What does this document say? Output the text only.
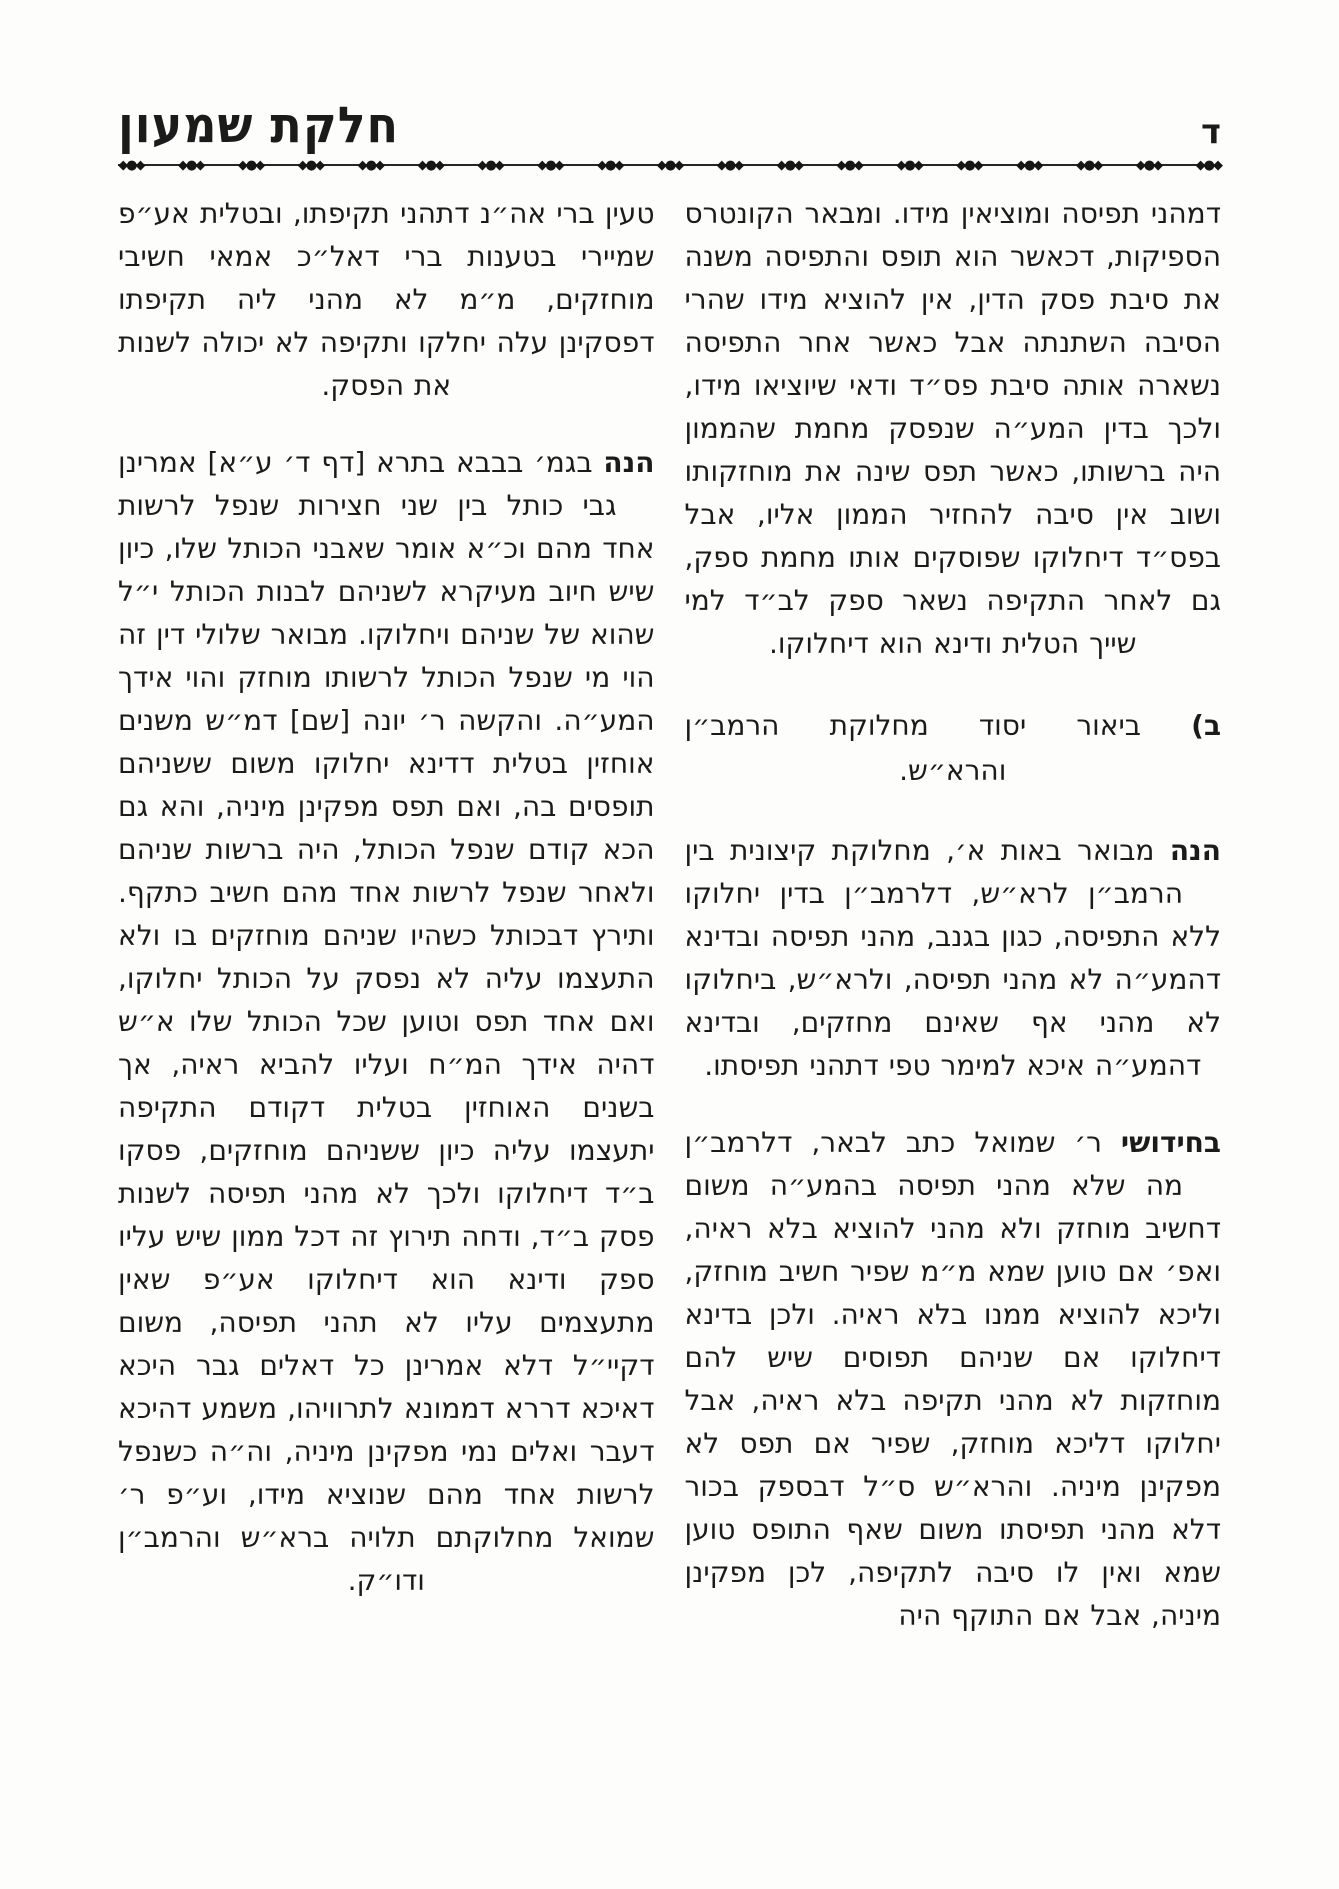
ד
חלקת שמעון
◆●◆
◆●◆
◆●◆
◆●◆
◆●◆
◆●◆
◆●◆
◆●◆
◆●◆
◆●◆
◆●◆
◆●◆
◆●◆
◆●◆
◆●◆
◆●◆
◆●◆
◆●◆
◆●◆

דמהני תפיסה ומוציאין מידו. ומבאר הקונטרס הספיקות, דכאשר הוא תופס והתפיסה משנה את סיבת פסק הדין, אין להוציא מידו שהרי הסיבה השתנתה אבל כאשר אחר התפיסה נשארה אותה סיבת פס״ד ודאי שיוציאו מידו, ולכך בדין המע״ה שנפסק מחמת שהממון היה ברשותו, כאשר תפס שינה את מוחזקותו ושוב אין סיבה להחזיר הממון אליו, אבל בפס״ד דיחלוקו שפוסקים אותו מחמת ספק, גם לאחר התקיפה נשאר ספק לב״ד למי שייך הטלית ודינא הוא דיחלוקו.

ב) ביאור יסוד מחלוקת הרמב״ן
והרא״ש.

הנה מבואר באות א׳, מחלוקת קיצונית בין הרמב״ן לרא״ש, דלרמב״ן בדין יחלוקו ללא התפיסה, כגון בגנב, מהני תפיסה ובדינא דהמע״ה לא מהני תפיסה, ולרא״ש, ביחלוקו לא מהני אף שאינם מחזקים, ובדינא דהמע״ה איכא למימר טפי דתהני תפיסתו.

בחידושי ר׳ שמואל כתב לבאר, דלרמב״ן מה שלא מהני תפיסה בהמע״ה משום דחשיב מוחזק ולא מהני להוציא בלא ראיה, ואפ׳ אם טוען שמא מ״מ שפיר חשיב מוחזק, וליכא להוציא ממנו בלא ראיה. ולכן בדינא דיחלוקו אם שניהם תפוסים שיש להם מוחזקות לא מהני תקיפה בלא ראיה, אבל יחלוקו דליכא מוחזק, שפיר אם תפס לא מפקינן מיניה. והרא״ש ס״ל דבספק בכור דלא מהני תפיסתו משום שאף התופס טוען שמא ואין לו סיבה לתקיפה, לכן מפקינן מיניה, אבל אם התוקף היה

טעין ברי אה״נ דתהני תקיפתו, ובטלית אע״פ שמיירי בטענות ברי דאל״כ אמאי חשיבי מוחזקים, מ״מ לא מהני ליה תקיפתו דפסקינן עלה יחלקו ותקיפה לא יכולה לשנות את הפסק.

הנה בגמ׳ בבבא בתרא [דף ד׳ ע״א] אמרינן גבי כותל בין שני חצירות שנפל לרשות אחד מהם וכ״א אומר שאבני הכותל שלו, כיון שיש חיוב מעיקרא לשניהם לבנות הכותל י״ל שהוא של שניהם ויחלוקו. מבואר שלולי דין זה הוי מי שנפל הכותל לרשותו מוחזק והוי אידך המע״ה. והקשה ר׳ יונה [שם] דמ״ש משנים אוחזין בטלית דדינא יחלוקו משום ששניהם תופסים בה, ואם תפס מפקינן מיניה, והא גם הכא קודם שנפל הכותל, היה ברשות שניהם ולאחר שנפל לרשות אחד מהם חשיב כתקף. ותירץ דבכותל כשהיו שניהם מוחזקים בו ולא התעצמו עליה לא נפסק על הכותל יחלוקו, ואם אחד תפס וטוען שכל הכותל שלו א״ש דהיה אידך המ״ח ועליו להביא ראיה, אך בשנים האוחזין בטלית דקודם התקיפה יתעצמו עליה כיון ששניהם מוחזקים, פסקו ב״ד דיחלוקו ולכך לא מהני תפיסה לשנות פסק ב״ד, ודחה תירוץ זה דכל ממון שיש עליו ספק ודינא הוא דיחלוקו אע״פ שאין מתעצמים עליו לא תהני תפיסה, משום דקיי״ל דלא אמרינן כל דאלים גבר היכא דאיכא דררא דממונא לתרוויהו, משמע דהיכא דעבר ואלים נמי מפקינן מיניה, וה״ה כשנפל לרשות אחד מהם שנוציא מידו, וע״פ ר׳ שמואל מחלוקתם תלויה ברא״ש והרמב״ן ודו״ק.
